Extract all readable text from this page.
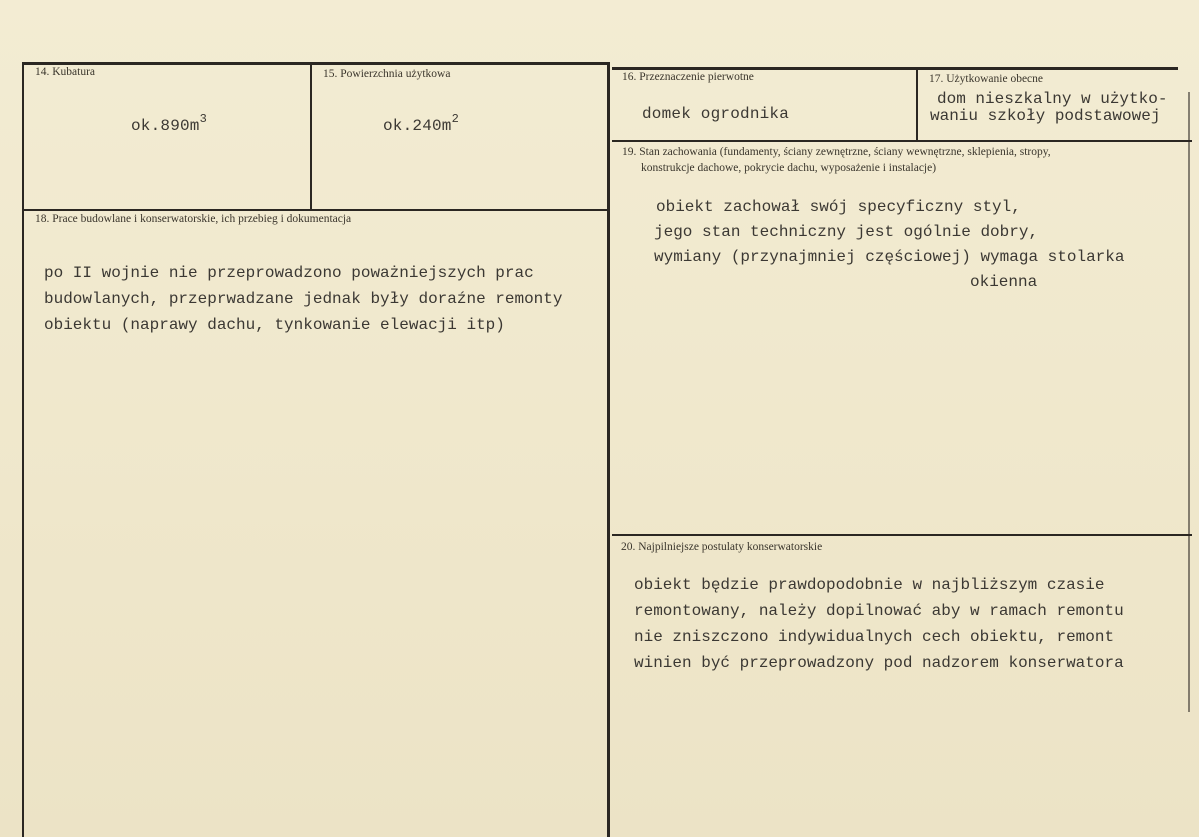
14. Kubatura
$ok.890m^3$
15. Powierzchnia użytkowa
$ok.240m^2$
16. Przeznaczenie pierwotne
domek ogrodnika
17. Użytkowanie obecne
dom nieszkalny w użytko-
waniu szkoły podstawowej
18. Prace budowlane i konserwatorskie, ich przebieg i dokumentacja
po II wojnie nie przeprowadzono poważniejszych prac
budowlanych, przeprwadzane jednak były doraźne remonty
obiektu (naprawy dachu, tynkowanie elewacji itp)
19. Stan zachowania (fundamenty, ściany zewnętrzne, ściany wewnętrzne, sklepienia, stropy,
konstrukcje dachowe, pokrycie dachu, wyposażenie i instalacje)
obiekt zachował swój specyficzny styl,
jego stan techniczny jest ogólnie dobry,
wymiany (przynajmniej częściowej) wymaga stolarka
okienna
20. Najpilniejsze postulaty konserwatorskie
obiekt będzie prawdopodobnie w najbliższym czasie
remontowany, należy dopilnować aby w ramach remontu
nie zniszczono indywidualnych cech obiektu, remont
winien być przeprowadzony pod nadzorem konserwatora
